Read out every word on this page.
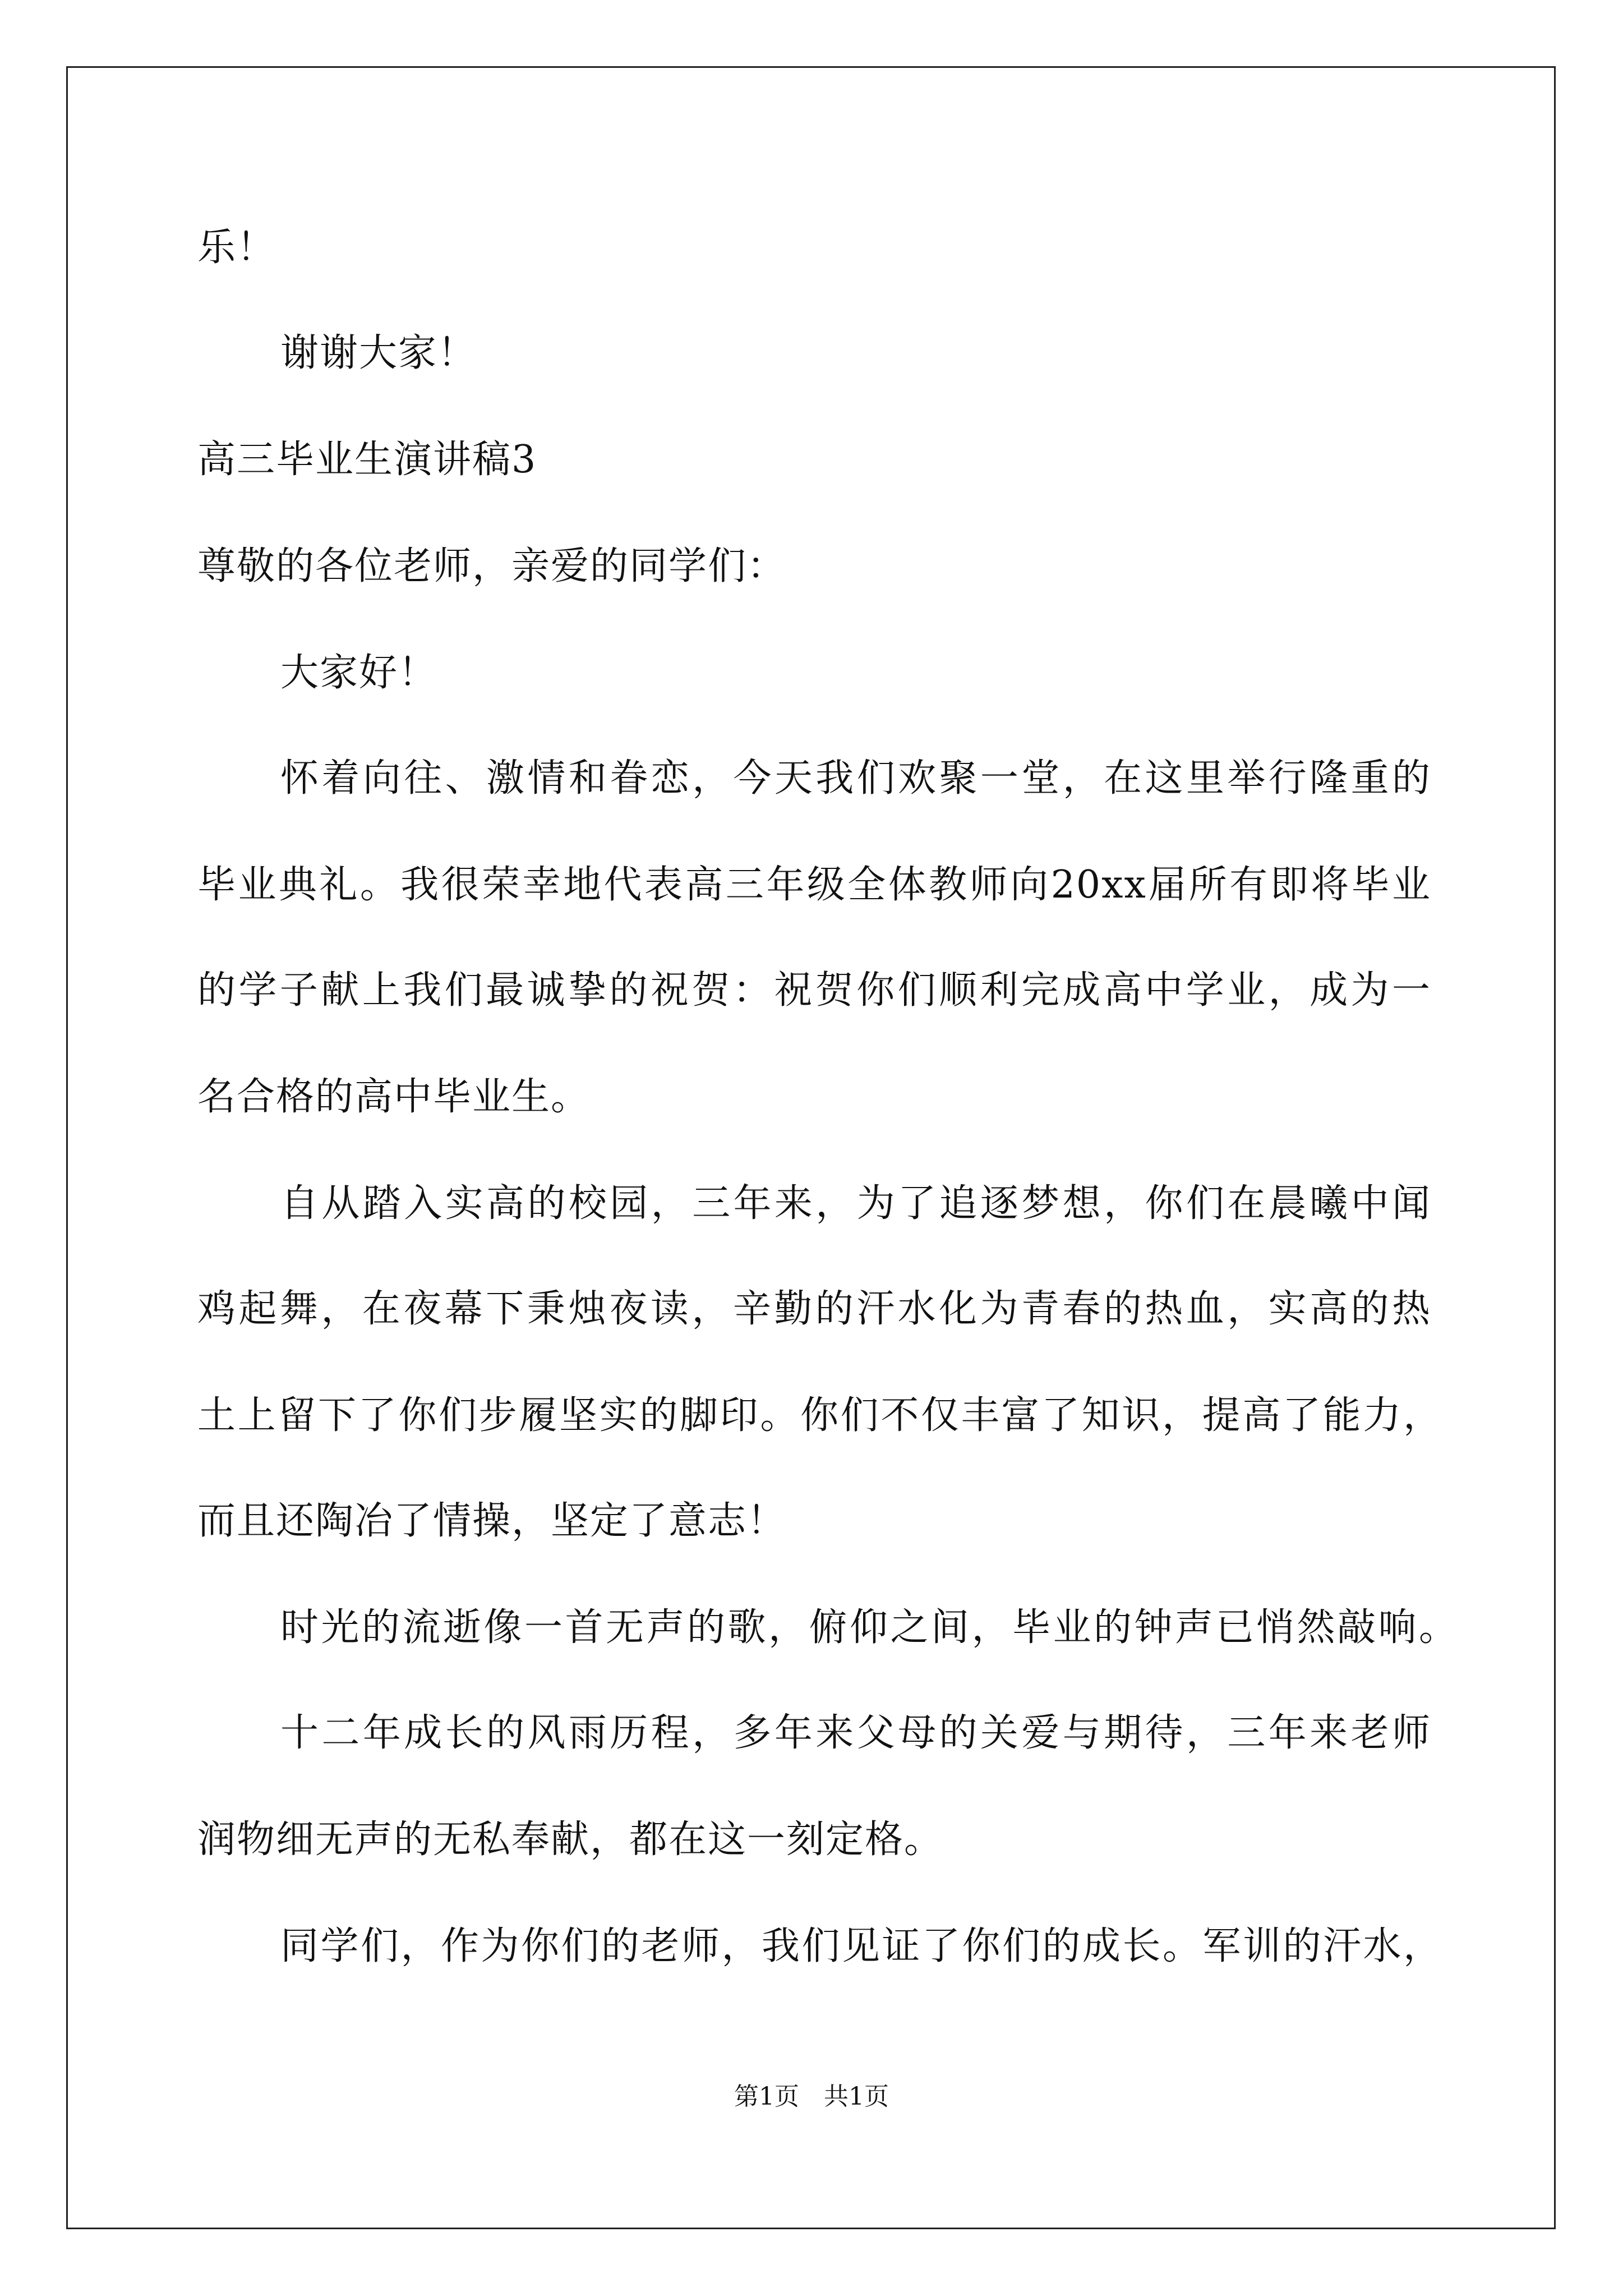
乐！
谢谢大家！
高三毕业生演讲稿3
尊敬的各位老师，亲爱的同学们：
大家好！
怀着向往、激情和眷恋，今天我们欢聚一堂，在这里举行隆重的
毕业典礼。我很荣幸地代表高三年级全体教师向20xx届所有即将毕业
的学子献上我们最诚挚的祝贺：祝贺你们顺利完成高中学业，成为一
名合格的高中毕业生。
自从踏入实高的校园，三年来，为了追逐梦想，你们在晨曦中闻
鸡起舞，在夜幕下秉烛夜读，辛勤的汗水化为青春的热血，实高的热
土上留下了你们步履坚实的脚印。你们不仅丰富了知识，提高了能力，
而且还陶冶了情操，坚定了意志！
时光的流逝像一首无声的歌，俯仰之间，毕业的钟声已悄然敲响。
十二年成长的风雨历程，多年来父母的关爱与期待，三年来老师
润物细无声的无私奉献，都在这一刻定格。
同学们，作为你们的老师，我们见证了你们的成长。军训的汗水，
第1页　共1页
